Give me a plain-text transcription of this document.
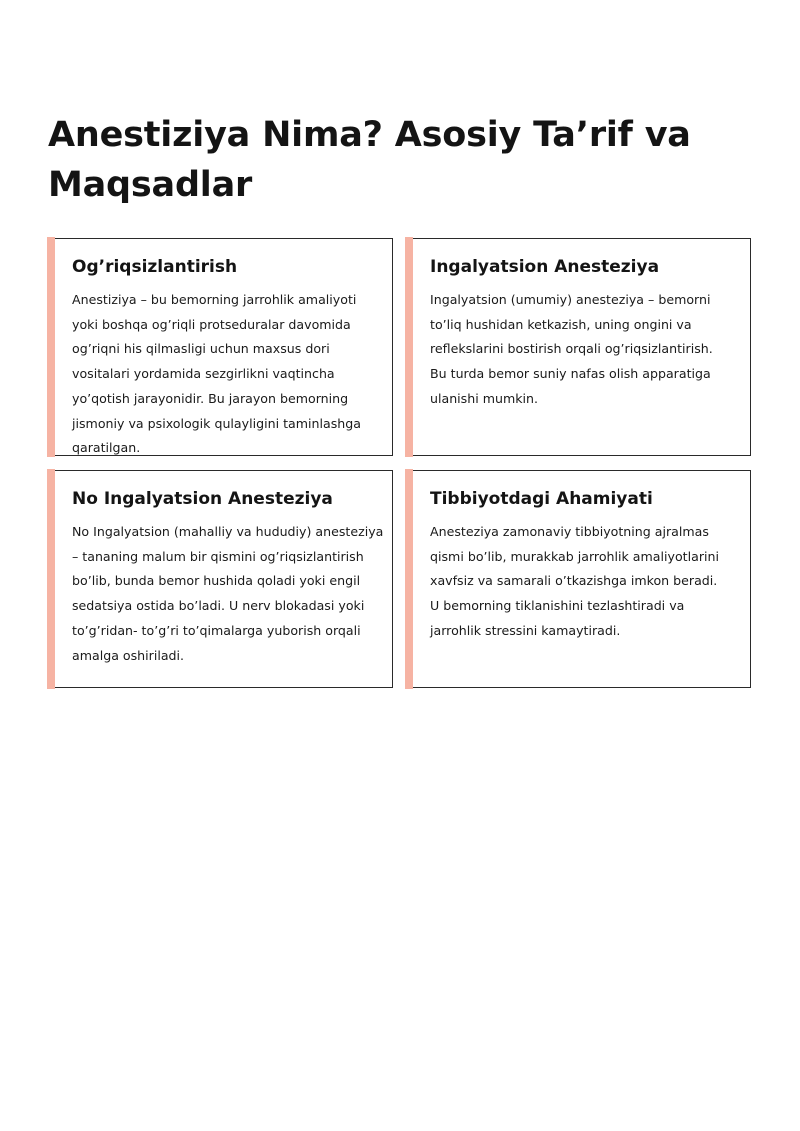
Anestiziya Nima? Asosiy Ta’rif va Maqsadlar
Og’riqsizlantirish

Anestiziya – bu bemorning jarrohlik amaliyoti yoki boshqa og’riqli protseduralar davomida og’riqni his qilmasligi uchun maxsus dori vositalari yordamida sezgirlikni vaqtincha yo’qotish jarayonidir. Bu jarayon bemorning jismoniy va psixologik qulayligini taminlashga qaratilgan.

Ingalyatsion Anesteziya

Ingalyatsion (umumiy) anesteziya – bemorni to’liq hushidan ketkazish, uning ongini va reflekslarini bostirish orqali og’riqsizlantirish. Bu turda bemor suniy nafas olish apparatiga ulanishi mumkin.

No Ingalyatsion Anesteziya

No Ingalyatsion (mahalliy va hududiy) anesteziya – tananing malum bir qismini og’riqsizlantirish bo’lib, bunda bemor hushida qoladi yoki engil sedatsiya ostida bo’ladi. U nerv blokadasi yoki to’g’ridan- to’g’ri to’qimalarga yuborish orqali amalga oshiriladi.

Tibbiyotdagi Ahamiyati

Anesteziya zamonaviy tibbiyotning ajralmas qismi bo’lib, murakkab jarrohlik amaliyotlarini xavfsiz va samarali o’tkazishga imkon beradi. U bemorning tiklanishini tezlashtiradi va jarrohlik stressini kamaytiradi.
